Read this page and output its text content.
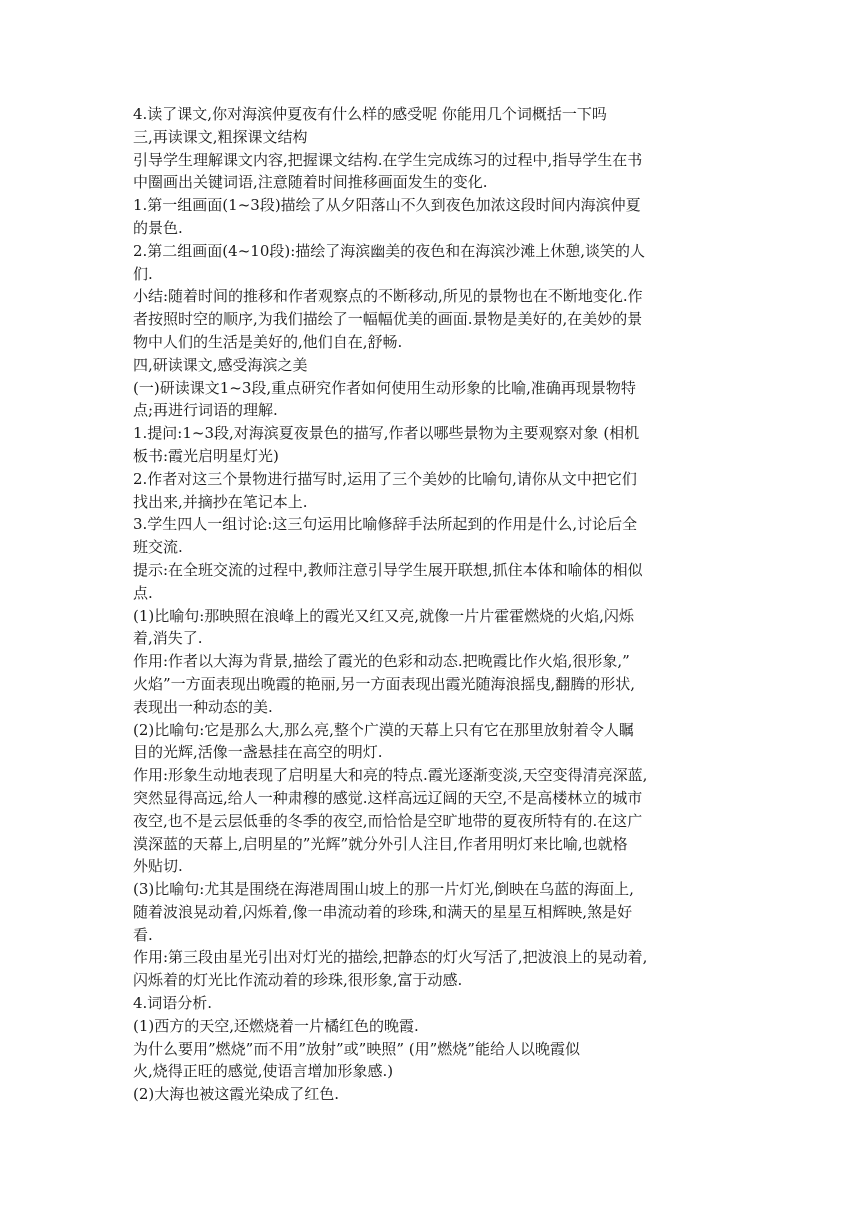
4.读了课文,你对海滨仲夏夜有什么样的感受呢 你能用几个词概括一下吗
三,再读课文,粗探课文结构
引导学生理解课文内容,把握课文结构.在学生完成练习的过程中,指导学生在书
中圈画出关键词语,注意随着时间推移画面发生的变化.
1.第一组画面(1~3段)描绘了从夕阳落山不久到夜色加浓这段时间内海滨仲夏
的景色.
2.第二组画面(4~10段):描绘了海滨幽美的夜色和在海滨沙滩上休憩,谈笑的人
们.
小结:随着时间的推移和作者观察点的不断移动,所见的景物也在不断地变化.作
者按照时空的顺序,为我们描绘了一幅幅优美的画面.景物是美好的,在美妙的景
物中人们的生活是美好的,他们自在,舒畅.
四,研读课文,感受海滨之美
(一)研读课文1~3段,重点研究作者如何使用生动形象的比喻,准确再现景物特
点;再进行词语的理解.
1.提问:1~3段,对海滨夏夜景色的描写,作者以哪些景物为主要观察对象 (相机
板书:霞光启明星灯光)
2.作者对这三个景物进行描写时,运用了三个美妙的比喻句,请你从文中把它们
找出来,并摘抄在笔记本上.
3.学生四人一组讨论:这三句运用比喻修辞手法所起到的作用是什么,讨论后全
班交流.
提示:在全班交流的过程中,教师注意引导学生展开联想,抓住本体和喻体的相似
点.
(1)比喻句:那映照在浪峰上的霞光又红又亮,就像一片片霍霍燃烧的火焰,闪烁
着,消失了.
作用:作者以大海为背景,描绘了霞光的色彩和动态.把晚霞比作火焰,很形象,”
火焰”一方面表现出晚霞的艳丽,另一方面表现出霞光随海浪摇曳,翻腾的形状,
表现出一种动态的美.
(2)比喻句:它是那么大,那么亮,整个广漠的天幕上只有它在那里放射着令人瞩
目的光辉,活像一盏悬挂在高空的明灯.
作用:形象生动地表现了启明星大和亮的特点.霞光逐渐变淡,天空变得清亮深蓝,
突然显得高远,给人一种肃穆的感觉.这样高远辽阔的天空,不是高楼林立的城市
夜空,也不是云层低垂的冬季的夜空,而恰恰是空旷地带的夏夜所特有的.在这广
漠深蓝的天幕上,启明星的”光辉”就分外引人注目,作者用明灯来比喻,也就格
外贴切.
(3)比喻句:尤其是围绕在海港周围山坡上的那一片灯光,倒映在乌蓝的海面上,
随着波浪晃动着,闪烁着,像一串流动着的珍珠,和满天的星星互相辉映,煞是好
看.
作用:第三段由星光引出对灯光的描绘,把静态的灯火写活了,把波浪上的晃动着,
闪烁着的灯光比作流动着的珍珠,很形象,富于动感.
4.词语分析.
(1)西方的天空,还燃烧着一片橘红色的晚霞.
为什么要用”燃烧”而不用”放射”或”映照” (用”燃烧”能给人以晚霞似
火,烧得正旺的感觉,使语言增加形象感.)
(2)大海也被这霞光染成了红色.
